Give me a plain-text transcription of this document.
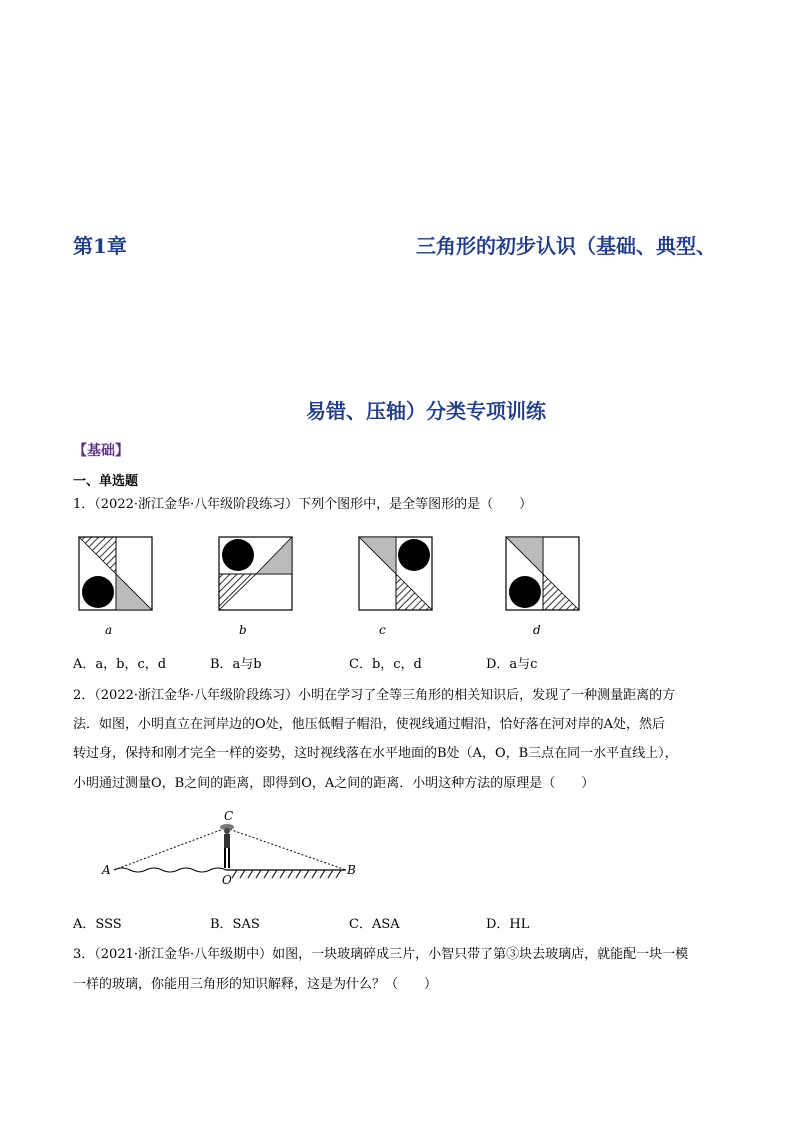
第1章	三角形的初步认识（基础、典型、
易错、压轴）分类专项训练
【基础】
一、单选题
1．（2022·浙江金华·八年级阶段练习）下列个图形中，是全等图形的是（　　）
a	b	c	d
A．a，b，c，d	B．a与b	C．b，c，d	D．a与c
2．（2022·浙江金华·八年级阶段练习）小明在学习了全等三角形的相关知识后，发现了一种测量距离的方
法．如图，小明直立在河岸边的O处，他压低帽子帽沿，使视线通过帽沿，恰好落在河对岸的A处，然后
转过身，保持和刚才完全一样的姿势，这时视线落在水平地面的B处（A，O，B三点在同一水平直线上），
小明通过测量O，B之间的距离，即得到O，A之间的距离．小明这种方法的原理是（　　）
C
A
O
B
A．SSS	B．SAS	C．ASA	D．HL
3．（2021·浙江金华·八年级期中）如图，一块玻璃碎成三片，小智只带了第③块去玻璃店，就能配一块一模
一样的玻璃，你能用三角形的知识解释，这是为什么？（　　）
